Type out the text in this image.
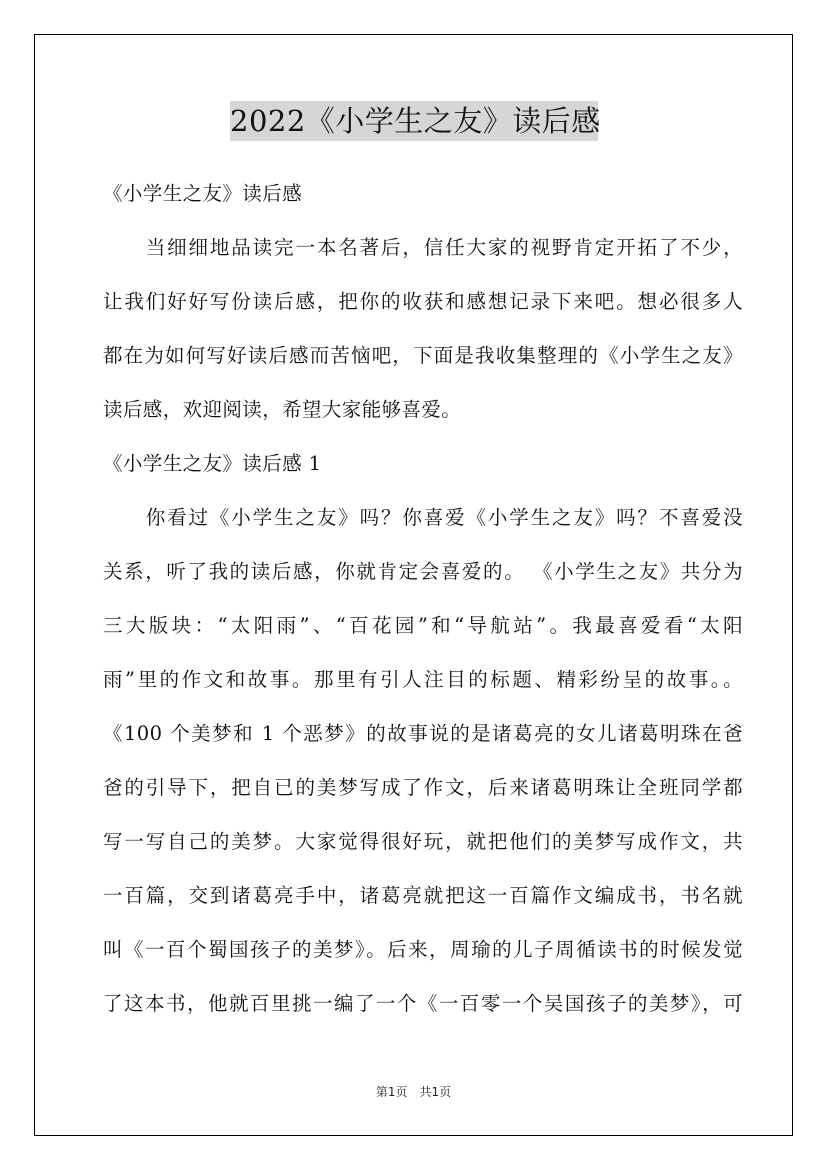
2022《小学生之友》读后感
《小学生之友》读后感
　　当细细地品读完一本名著后，信任大家的视野肯定开拓了不少，
让我们好好写份读后感，把你的收获和感想记录下来吧。想必很多人
都在为如何写好读后感而苦恼吧，下面是我收集整理的《小学生之友》
读后感，欢迎阅读，希望大家能够喜爱。
《小学生之友》读后感 1
　　你看过《小学生之友》吗？你喜爱《小学生之友》吗？不喜爱没
关系，听了我的读后感，你就肯定会喜爱的。 《小学生之友》共分为
三大版块：“太阳雨”、“百花园”和“导航站”。我最喜爱看“太阳
雨”里的作文和故事。那里有引人注目的标题、精彩纷呈的故事。。
《100 个美梦和 1 个恶梦》的故事说的是诸葛亮的女儿诸葛明珠在爸
爸的引导下，把自已的美梦写成了作文，后来诸葛明珠让全班同学都
写一写自己的美梦。大家觉得很好玩，就把他们的美梦写成作文，共
一百篇，交到诸葛亮手中，诸葛亮就把这一百篇作文编成书，书名就
叫《一百个蜀国孩子的美梦》。后来，周瑜的儿子周循读书的时候发觉
了这本书，他就百里挑一编了一个《一百零一个吴国孩子的美梦》，可
第1页 共1页
